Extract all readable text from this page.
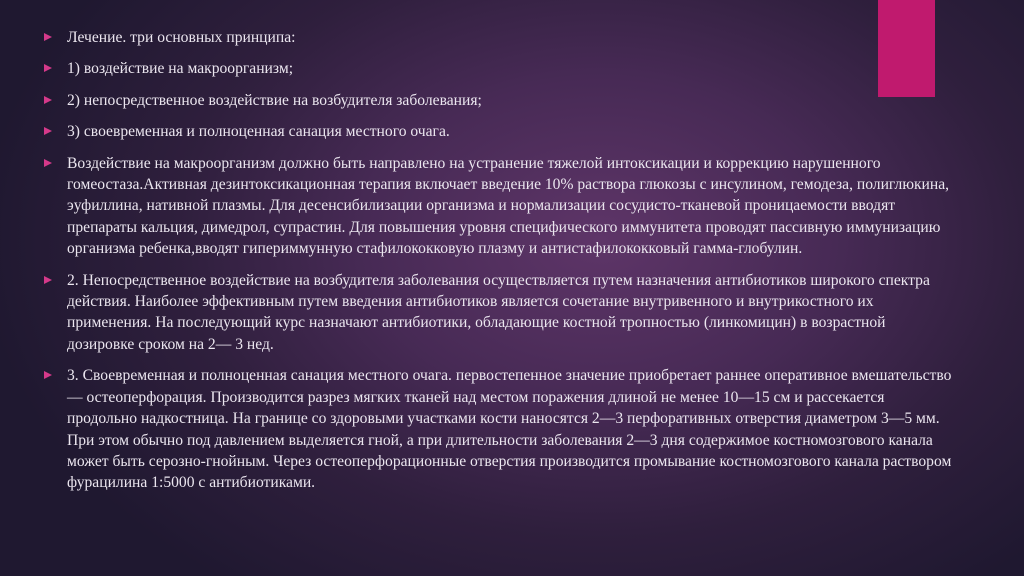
Лечение. три основных принципа:
1) воздействие на макроорганизм;
2) непосредственное воздействие на возбудителя заболевания;
3) своевременная и полноценная санация местного очага.
Воздействие на макроорганизм должно быть направлено на устранение тяжелой интоксикации и коррекцию нарушенного гомеостаза.Активная дезинтоксикационная терапия включает введение 10% раствора глюкозы с инсулином, гемодеза, полиглюкина, эуфиллина, нативной плазмы. Для десенсибилизации организма и нормализации сосудисто-тканевой проницаемости вводят препараты кальция, димедрол, супрастин. Для повышения уровня специфического иммунитета проводят пассивную иммунизацию организма ребенка,вводят гипериммунную стафилококковую плазму и антистафилококковый гамма-глобулин.
2. Непосредственное воздействие на возбудителя заболевания осуществляется путем назначения антибиотиков широкого спектра действия. Наиболее эффективным путем введения антибиотиков является сочетание внутривенного и внутрикостного их применения. На последующий курс назначают антибиотики, обладающие костной тропностью (линкомицин) в возрастной дозировке сроком на 2— 3 нед.
3. Своевременная и полноценная санация местного очага. первостепенное значение приобретает раннее оперативное вмешательство — остеоперфорация. Производится разрез мягких тканей над местом поражения длиной не менее 10—15 см и рассекается продольно надкостница. На границе со здоровыми участками кости наносятся 2—3 перфоративных отверстия диаметром 3—5 мм. При этом обычно под давлением выделяется гной, а при длительности заболевания 2—3 дня содержимое костномозгового канала может быть серозно-гнойным. Через остеоперфорационные отверстия производится промывание костномозгового канала раствором фурацилина 1:5000 с антибиотиками.
